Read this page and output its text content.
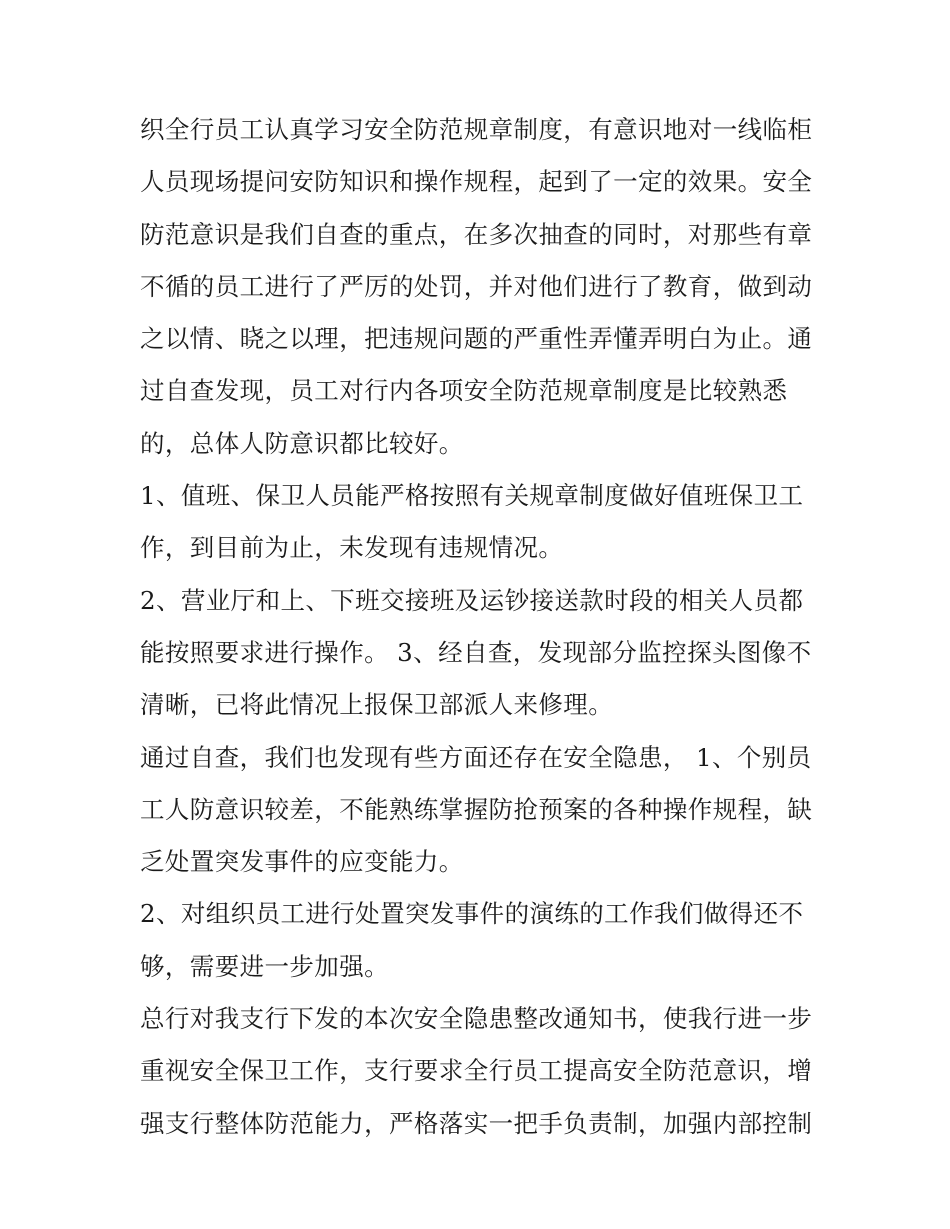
织全行员工认真学习安全防范规章制度，有意识地对一线临柜
人员现场提问安防知识和操作规程，起到了一定的效果。安全
防范意识是我们自查的重点，在多次抽查的同时，对那些有章
不循的员工进行了严厉的处罚，并对他们进行了教育，做到动
之以情、晓之以理，把违规问题的严重性弄懂弄明白为止。通
过自查发现，员工对行内各项安全防范规章制度是比较熟悉
的，总体人防意识都比较好。

1、值班、保卫人员能严格按照有关规章制度做好值班保卫工
作，到目前为止，未发现有违规情况。

2、营业厅和上、下班交接班及运钞接送款时段的相关人员都
能按照要求进行操作。 3、经自查，发现部分监控探头图像不
清晰，已将此情况上报保卫部派人来修理。

通过自查，我们也发现有些方面还存在安全隐患， 1、个别员
工人防意识较差，不能熟练掌握防抢预案的各种操作规程，缺
乏处置突发事件的应变能力。

2、对组织员工进行处置突发事件的演练的工作我们做得还不
够，需要进一步加强。

总行对我支行下发的本次安全隐患整改通知书，使我行进一步
重视安全保卫工作，支行要求全行员工提高安全防范意识，增
强支行整体防范能力，严格落实一把手负责制，加强内部控制
